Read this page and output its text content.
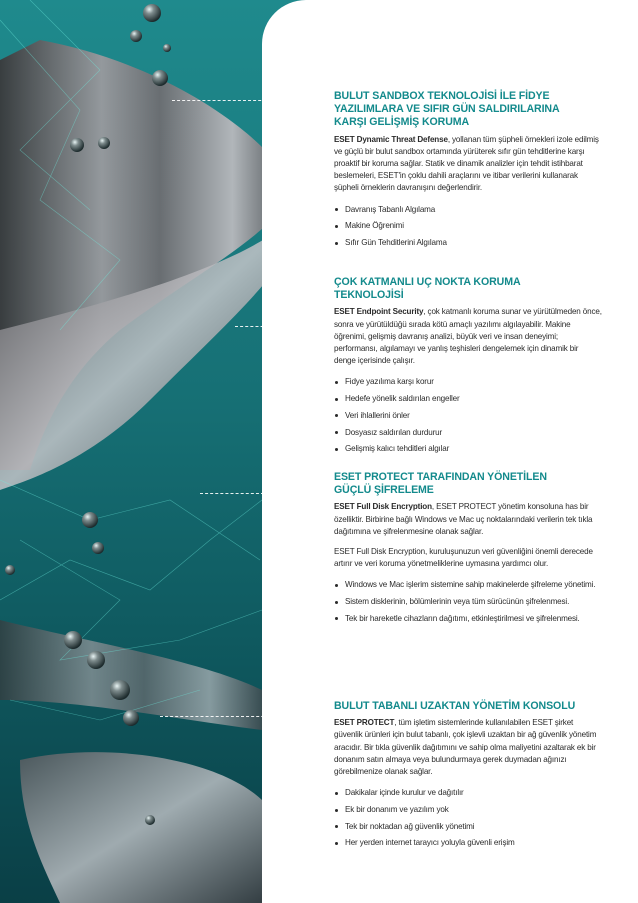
BULUT SANDBOX TEKNOLOJİSİ İLE FİDYE
YAZILIMLARA VE SIFIR GÜN SALDIRILARINA
KARŞI GELİŞMİŞ KORUMA

ESET Dynamic Threat Defense, yollanan tüm şüpheli örnekleri izole edilmiş ve güçlü bir bulut sandbox ortamında yürüterek sıfır gün tehditlerine karşı proaktif bir koruma sağlar. Statik ve dinamik analizler için tehdit istihbarat beslemeleri, ESET'in çoklu dahili araçlarını ve itibar verilerini kullanarak şüpheli örneklerin davranışını değerlendirir.

Davranış Tabanlı Algılama
Makine Öğrenimi
Sıfır Gün Tehditlerini Algılama
ÇOK KATMANLI UÇ NOKTA KORUMA
TEKNOLOJİSİ

ESET Endpoint Security, çok katmanlı koruma sunar ve yürütülmeden önce, sonra ve yürütüldüğü sırada kötü amaçlı yazılımı algılayabilir. Makine öğrenimi, gelişmiş davranış analizi, büyük veri ve insan deneyimi; performansı, algılamayı ve yanlış teşhisleri dengelemek için dinamik bir denge içerisinde çalışır.

Fidye yazılıma karşı korur
Hedefe yönelik saldırılan engeller
Veri ihlallerini önler
Dosyasız saldırılan durdurur
Gelişmiş kalıcı tehditleri algılar
ESET PROTECT TARAFINDAN YÖNETİLEN
GÜÇLÜ ŞİFRELEME

ESET Full Disk Encryption, ESET PROTECT yönetim konsoluna has bir özelliktir. Birbirine bağlı Windows ve Mac uç noktalarındaki verilerin tek tıkla dağıtımına ve şifrelenmesine olanak sağlar.

ESET Full Disk Encryption, kuruluşunuzun veri güvenliğini önemli derecede artırır ve veri koruma yönetmeliklerine uymasına yardımcı olur.

Windows ve Mac işlerim sistemine sahip makinelerde şifreleme yönetimi.
Sistem disklerinin, bölümlerinin veya tüm sürücünün şifrelenmesi.
Tek bir hareketle cihazların dağıtımı, etkinleştirilmesi ve şifrelenmesi.
BULUT TABANLI UZAKTAN YÖNETİM KONSOLU

ESET PROTECT, tüm işletim sistemlerinde kullanılabilen ESET şirket güvenlik ürünleri için bulut tabanlı, çok işlevli uzaktan bir ağ güvenlik yönetim aracıdır. Bir tıkla güvenlik dağıtımını ve sahip olma maliyetini azaltarak ek bir donanım satın almaya veya bulundurmaya gerek duymadan ağınızı görebilmenize olanak sağlar.

Dakikalar içinde kurulur ve dağıtılır
Ek bir donanım ve yazılım yok
Tek bir noktadan ağ güvenlik yönetimi
Her yerden internet tarayıcı yoluyla güvenli erişim
